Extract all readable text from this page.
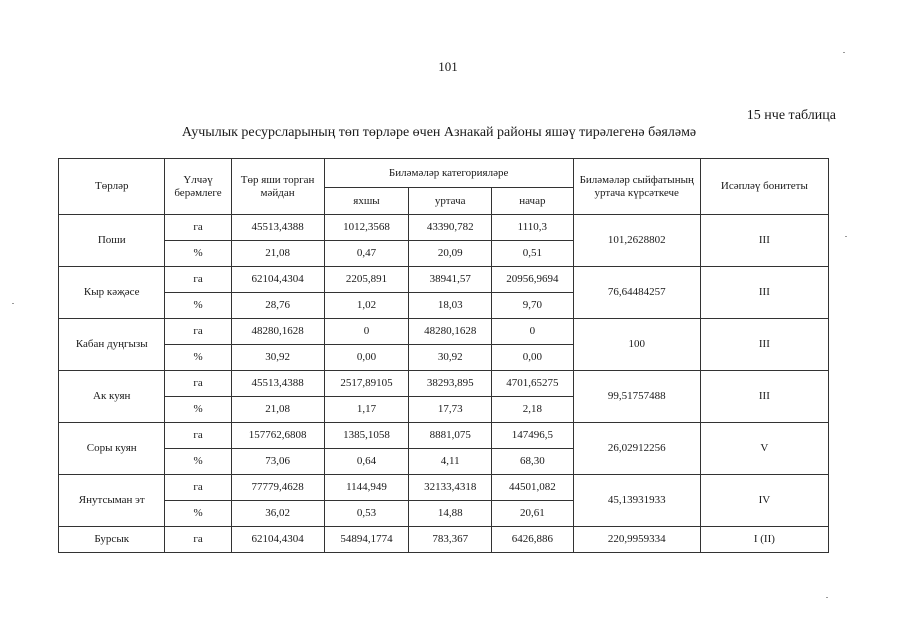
101
15 нче таблица
Аучылык ресурсларының төп төрләре өчен Азнакай районы яшәү тирәлегенә бәяләмә
Төрләр	Үлчәү берәмлеге	Төр яши торган мәйдан	Биләмәләр категорияләре			Биләмәләр сыйфатының уртача күрсәткече	Исәпләү бонитеты
			яхшы	уртача	начар		
Поши	га	45513,4388	1012,3568	43390,782	1110,3	101,2628802	III
	%	21,08	0,47	20,09	0,51		
Кыр кәҗәсе	га	62104,4304	2205,891	38941,57	20956,9694	76,64484257	III
	%	28,76	1,02	18,03	9,70		
Кабан дуңгызы	га	48280,1628	0	48280,1628	0	100	III
	%	30,92	0,00	30,92	0,00		
Ак куян	га	45513,4388	2517,89105	38293,895	4701,65275	99,51757488	III
	%	21,08	1,17	17,73	2,18		
Соры куян	га	157762,6808	1385,1058	8881,075	147496,5	26,02912256	V
	%	73,06	0,64	4,11	68,30		
Янутсыман эт	га	77779,4628	1144,949	32133,4318	44501,082	45,13931933	IV
	%	36,02	0,53	14,88	20,61		
Бурсык	га	62104,4304	54894,1774	783,367	6426,886	220,9959334	I (II)
